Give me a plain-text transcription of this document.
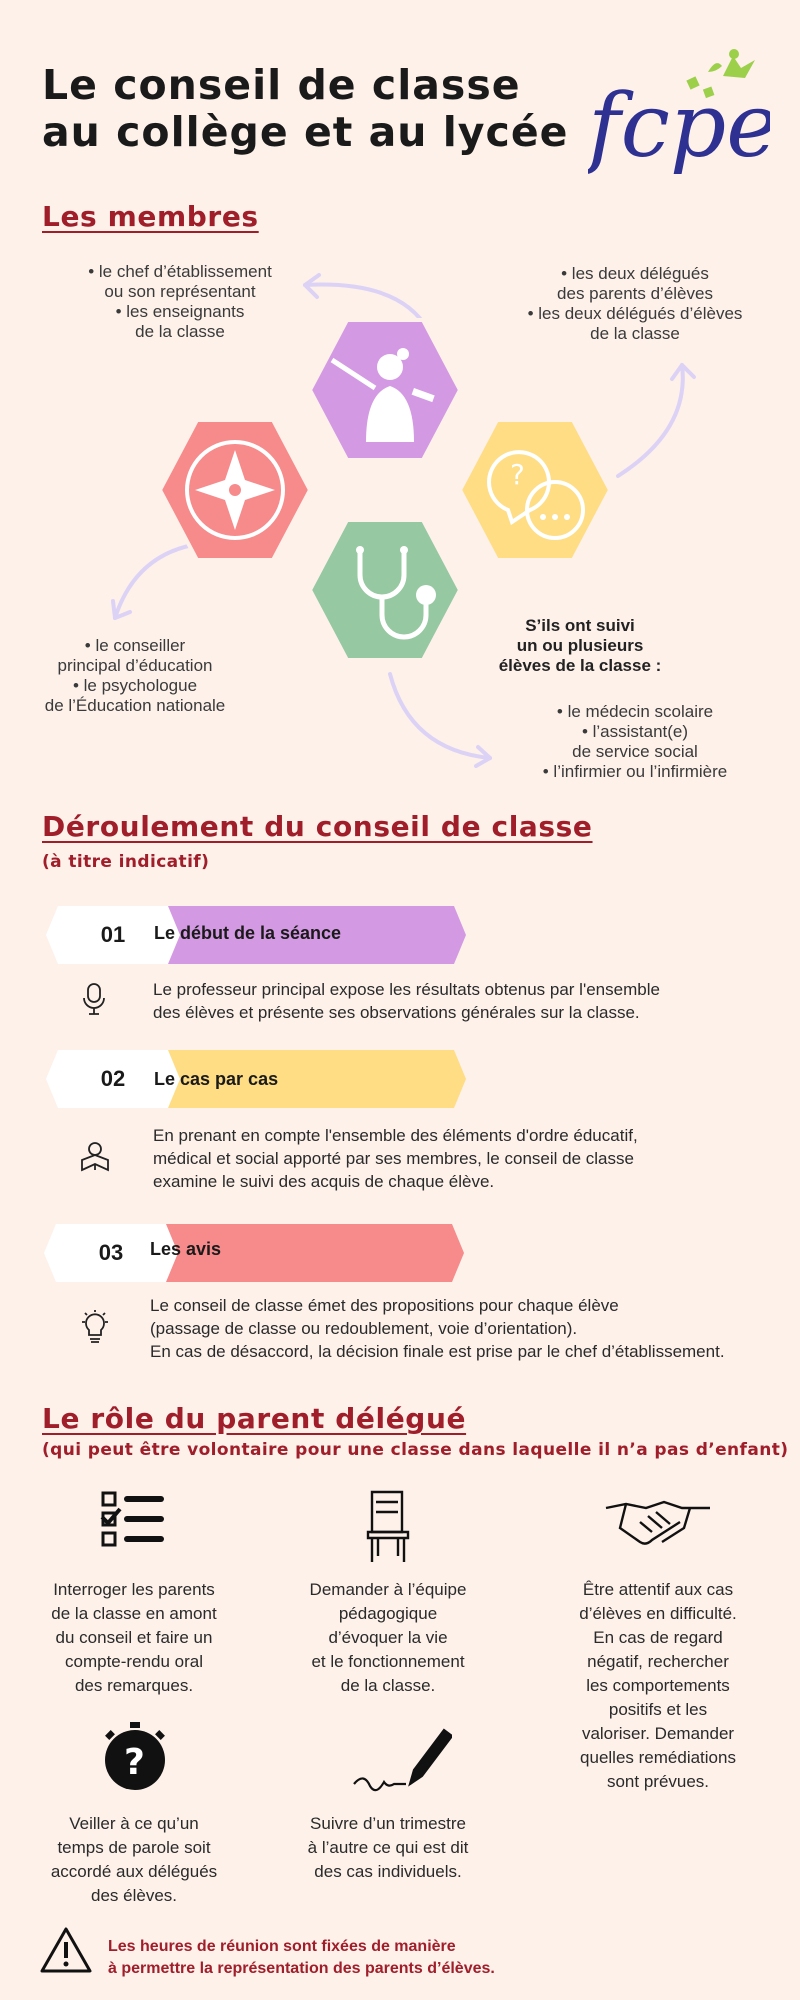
Le conseil de classe
au collège et au lycée fcpe
Les membres
• le chef d’établissement
ou son représentant
• les enseignants
de la classe
• les deux délégués
des parents d’élèves
• les deux délégués d’élèves
de la classe
• le conseiller
principal d’éducation
• le psychologue
de l’Éducation nationale
S’ils ont suivi
un ou plusieurs
élèves de la classe :
• le médecin scolaire
• l’assistant(e)
de service social
• l’infirmier ou l’infirmière
?
Déroulement du conseil de classe
(à titre indicatif)
01	Le début de la séance
Le professeur principal expose les résultats obtenus par l'ensemble
des élèves et présente ses observations générales sur la classe.
02	Le cas par cas
En prenant en compte l'ensemble des éléments d'ordre éducatif,
médical et social apporté par ses membres, le conseil de classe
examine le suivi des acquis de chaque élève.
03	Les avis
Le conseil de classe émet des propositions pour chaque élève
(passage de classe ou redoublement, voie d’orientation).
En cas de désaccord, la décision finale est prise par le chef d’établissement.
Le rôle du parent délégué
(qui peut être volontaire pour une classe dans laquelle il n’a pas d’enfant)
?
Interroger les parents
de la classe en amont
du conseil et faire un
compte-rendu oral
des remarques.
Demander à l’équipe
pédagogique
d’évoquer la vie
et le fonctionnement
de la classe.
Être attentif aux cas
d’élèves en difficulté.
En cas de regard
négatif, rechercher
les comportements
positifs et les
valoriser. Demander
quelles remédiations
sont prévues.
Veiller à ce qu’un
temps de parole soit
accordé aux délégués
des élèves.
Suivre d’un trimestre
à l’autre ce qui est dit
des cas individuels.
Les heures de réunion sont fixées de manière
à permettre la représentation des parents d’élèves.
